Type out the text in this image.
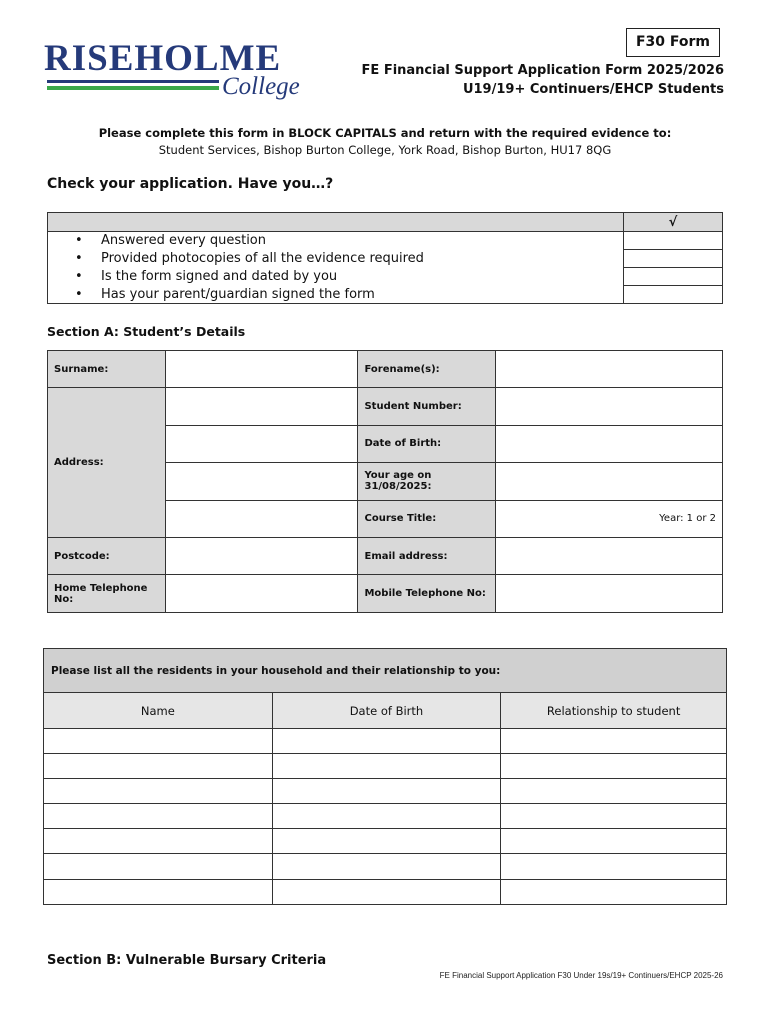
RISEHOLME
College
F30 Form
FE Financial Support Application Form 2025/2026
U19/19+ Continuers/EHCP Students
Please complete this form in BLOCK CAPITALS and return with the required evidence to:
Student Services, Bishop Burton College, York Road, Bishop Burton, HU17 8QG
Check your application. Have you…?
	√
• Answered every question	
• Provided photocopies of all the evidence required	
• Is the form signed and dated by you	
• Has your parent/guardian signed the form	
Section A: Student’s Details
Surname:		Forename(s):	
Address:		Student Number:	
		Date of Birth:	
		Your age on 31/08/2025:	
		Course Title:	Year: 1 or 2
Postcode:		Email address:	
Home Telephone No:		Mobile Telephone No:	
Please list all the residents in your household and their relationship to you:		
Name	Date of Birth	Relationship to student

Section B: Vulnerable Bursary Criteria
FE Financial Support Application F30 Under 19s/19+ Continuers/EHCP 2025-26
